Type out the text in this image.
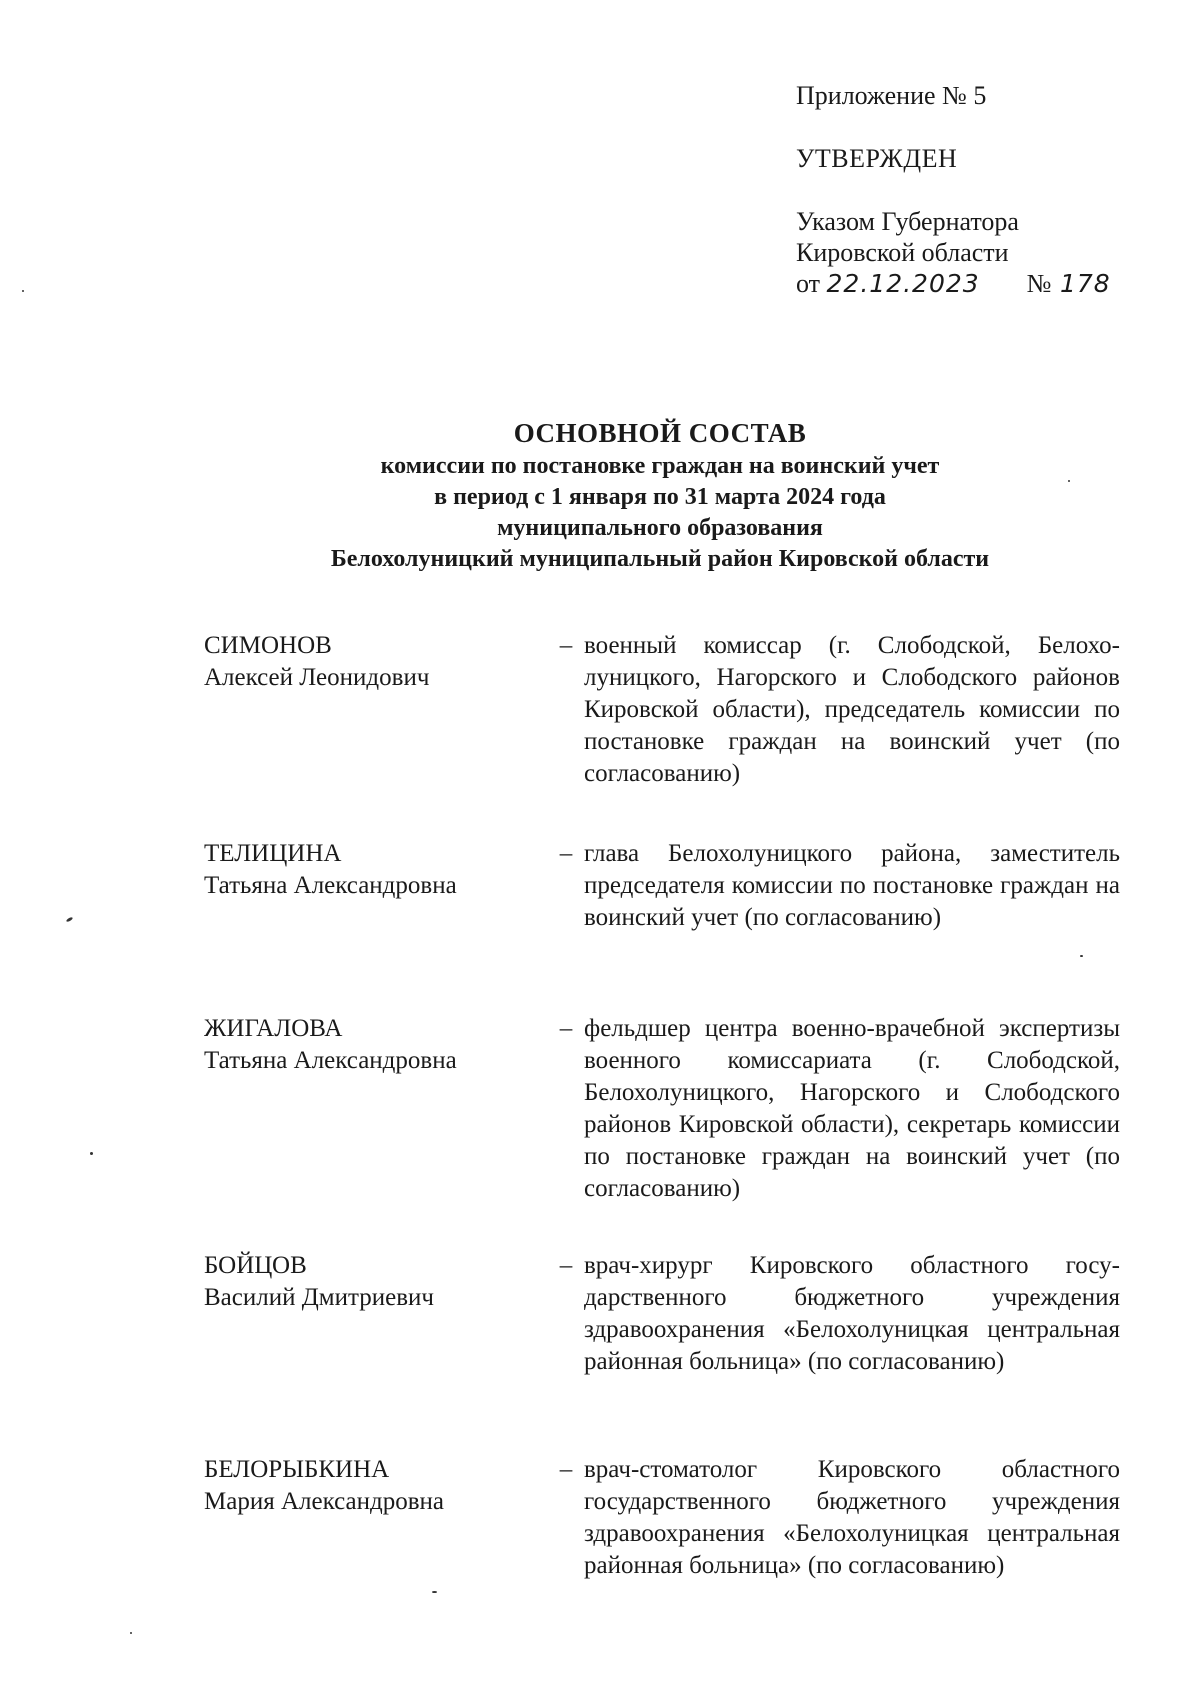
Приложение № 5
УТВЕРЖДЕН
Указом Губернатора
Кировской области
от 22.12.2023 № 178
ОСНОВНОЙ СОСТАВ
комиссии по постановке граждан на воинский учет
в период с 1 января по 31 марта 2024 года
муниципального образования
Белохолуницкий муниципальный район Кировской области
СИМОНОВ
Алексей Леонидович
– военный комиссар (г. Слободской, Белохолуницкого, Нагорского и Слободского районов Кировской области), председатель комиссии по постановке граждан на воинский учет (по согласованию)
ТЕЛИЦИНА
Татьяна Александровна
– глава Белохолуницкого района, заместитель председателя комиссии по постановке граждан на воинский учет (по согласованию)
ЖИГАЛОВА
Татьяна Александровна
– фельдшер центра военно-врачебной экспертизы военного комиссариата (г. Слободской, Белохолуницкого, Нагорского и Слободского районов Кировской области), секретарь комиссии по постановке граждан на воинский учет (по согласованию)
БОЙЦОВ
Василий Дмитриевич
– врач-хирург Кировского областного государственного бюджетного учреждения здравоохранения «Белохолуницкая центральная районная больница» (по согласованию)
БЕЛОРЫБКИНА
Мария Александровна
– врач-стоматолог Кировского областного государственного бюджетного учреждения здравоохранения «Белохолуницкая центральная районная больница» (по согласованию)
